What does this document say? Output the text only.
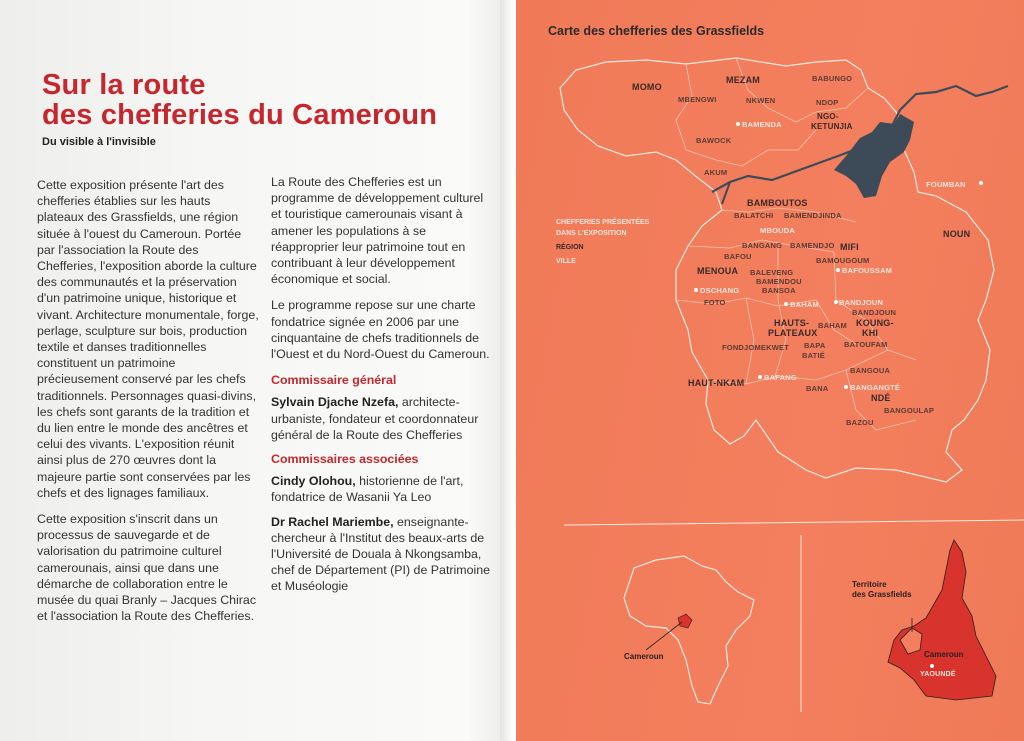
Sur la route
des chefferies du Cameroun
Du visible à l'invisible

Cette exposition présente l'art des chefferies établies sur les hauts plateaux des Grassfields, une région située à l'ouest du Cameroun. Portée par l'association la Route des Chefferies, l'exposition aborde la culture des communautés et la préservation d'un patrimoine unique, historique et vivant. Architecture monumentale, forge, perlage, sculpture sur bois, production textile et danses traditionnelles constituent un patrimoine précieusement conservé par les chefs traditionnels. Personnages quasi-divins, les chefs sont garants de la tradition et du lien entre le monde des ancêtres et celui des vivants. L'exposition réunit ainsi plus de 270 œuvres dont la majeure partie sont conservées par les chefs et des lignages familiaux.

Cette exposition s'inscrit dans un processus de sauvegarde et de valorisation du patrimoine culturel camerounais, ainsi que dans une démarche de collaboration entre le musée du quai Branly – Jacques Chirac et l'association la Route des Chefferies.

La Route des Chefferies est un programme de développement culturel et touristique camerounais visant à amener les populations à se réapproprier leur patrimoine tout en contribuant à leur développement économique et social.

Le programme repose sur une charte fondatrice signée en 2006 par une cinquantaine de chefs traditionnels de l'Ouest et du Nord-Ouest du Cameroun.

Commissaire général

Sylvain Djache Nzefa, architecte-urbaniste, fondateur et coordonnateur général de la Route des Chefferies

Commissaires associées

Cindy Olohou, historienne de l'art, fondatrice de Wasanii Ya Leo

Dr Rachel Mariembe, enseignante-chercheur à l'Institut des beaux-arts de l'Université de Douala à Nkongsamba, chef de Département (PI) de Patrimoine et Muséologie

Carte des chefferies des Grassfields
CHEFFERIES PRÉSENTÉES
DANS L'EXPOSITION
RÉGION
VILLE
MOMO
MEZAM
NGO-
KETUNJIA
BAMBOUTOS
MIFI
NOUN
MENOUA
HAUTS-
PLATEAUX
KOUNG-
KHI
HAUT-NKAM
NDÉ
BABUNGO
MBENGWI	NKWEN	NDOP
BAMENDA
BAWOCK
AKUM
FOUMBAN
BALATCHI BAMENDJINDA
MBOUDA
BANGANG BAMENDJO
BAFOU	BAMOUGOUM
BAFOUSSAM
BALEVENG
BAMENDOU
BANSOA
DSCHANG
FOTO	BAHAM	BANDJOUN
BANDJOUN
BAHAM
FONDJOMEKWET BAPA
BATIÉ
BATOUFAM
BAFANG
BANA
BANGOUA
BANGANGTÉ
BANGOULAP
BAZOU
Cameroun
Territoire
des Grassfields
Cameroun
YAOUNDÉ
